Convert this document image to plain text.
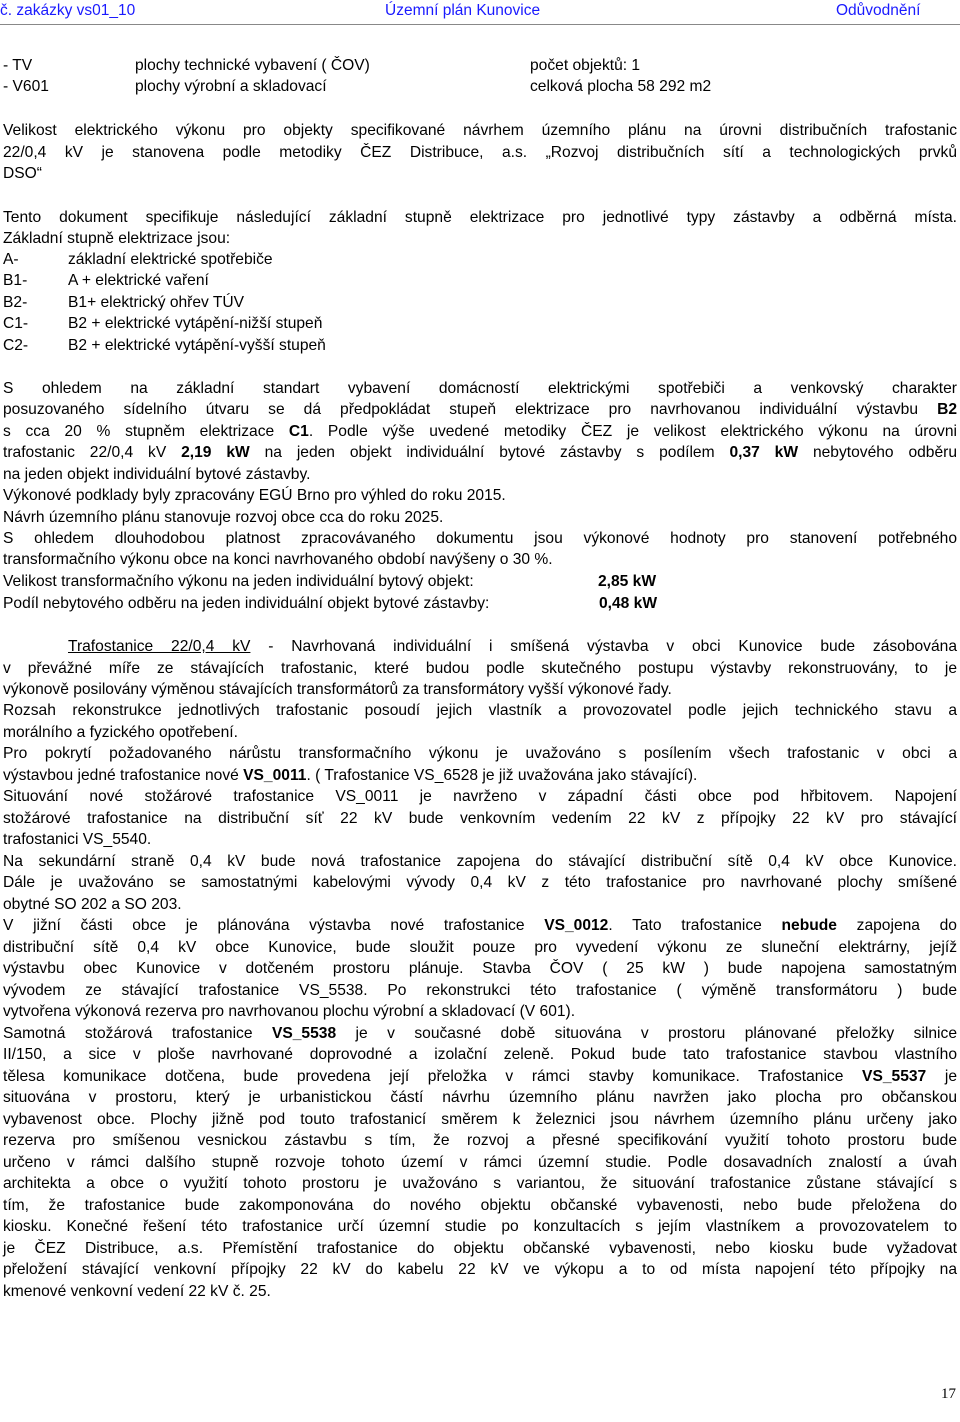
č. zakázky vs01_10	Územní plán Kunovice	Odůvodnění
- TV	plochy technické vybavení ( ČOV)	počet objektů: 1
- V601	plochy výrobní a skladovací	celková plocha 58 292 m2
Velikost elektrického výkonu pro objekty specifikované návrhem územního plánu na úrovni distribučních trafostanic
22/0,4 kV je stanovena podle metodiky ČEZ Distribuce, a.s. „Rozvoj distribučních sítí a technologických prvků
DSO“
Tento dokument specifikuje následující základní stupně elektrizace pro jednotlivé typy zástavby a odběrná místa.
Základní stupně elektrizace jsou:
A-	základní elektrické spotřebiče
B1-	A + elektrické vaření
B2-	B1+ elektrický ohřev TÚV
C1-	B2 + elektrické vytápění-nižší stupeň
C2-	B2 + elektrické vytápění-vyšší stupeň
S ohledem na základní standart vybavení domácností elektrickými spotřebiči a venkovský charakter
posuzovaného sídelního útvaru se dá předpokládat stupeň elektrizace pro navrhovanou individuální výstavbu B2
s cca 20 % stupněm elektrizace C1. Podle výše uvedené metodiky ČEZ je velikost elektrického výkonu na úrovni
trafostanic 22/0,4 kV 2,19 kW na jeden objekt individuální bytové zástavby s podílem 0,37 kW nebytového odběru
na jeden objekt individuální bytové zástavby.
Výkonové podklady byly zpracovány EGÚ Brno pro výhled do roku 2015.
Návrh územního plánu stanovuje rozvoj obce cca do roku 2025.
S ohledem dlouhodobou platnost zpracovávaného dokumentu jsou výkonové hodnoty pro stanovení potřebného
transformačního výkonu obce na konci navrhovaného období navýšeny o 30 %.
Velikost transformačního výkonu na jeden individuální bytový objekt:	2,85 kW
Podíl nebytového odběru na jeden individuální objekt bytové zástavby:	0,48 kW
Trafostanice 22/0,4 kV - Navrhovaná individuální i smíšená výstavba v obci Kunovice bude zásobována
v převážné míře ze stávajících trafostanic, které budou podle skutečného postupu výstavby rekonstruovány, to je
výkonově posilovány výměnou stávajících transformátorů za transformátory vyšší výkonové řady.
Rozsah rekonstrukce jednotlivých trafostanic posoudí jejich vlastník a provozovatel podle jejich technického stavu a
morálního a fyzického opotřebení.
Pro pokrytí požadovaného nárůstu transformačního výkonu je uvažováno s posílením všech trafostanic v obci a
výstavbou jedné trafostanice nové VS_0011. ( Trafostanice VS_6528 je již uvažována jako stávající).
Situování nové stožárové trafostanice VS_0011 je navrženo v západní části obce pod hřbitovem. Napojení
stožárové trafostanice na distribuční síť 22 kV bude venkovním vedením 22 kV z přípojky 22 kV pro stávající
trafostanici VS_5540.
Na sekundární straně 0,4 kV bude nová trafostanice zapojena do stávající distribuční sítě 0,4 kV obce Kunovice.
Dále je uvažováno se samostatnými kabelovými vývody 0,4 kV z této trafostanice pro navrhované plochy smíšené
obytné SO 202 a SO 203.
V jižní části obce je plánována výstavba nové trafostanice VS_0012. Tato trafostanice nebude zapojena do
distribuční sítě 0,4 kV obce Kunovice, bude sloužit pouze pro vyvedení výkonu ze sluneční elektrárny, jejíž
výstavbu obec Kunovice v dotčeném prostoru plánuje. Stavba ČOV ( 25 kW ) bude napojena samostatným
vývodem ze stávající trafostanice VS_5538. Po rekonstrukci této trafostanice ( výměně transformátoru ) bude
vytvořena výkonová rezerva pro navrhovanou plochu výrobní a skladovací (V 601).
Samotná stožárová trafostanice VS_5538 je v současné době situována v prostoru plánované přeložky silnice
II/150, a sice v ploše navrhované doprovodné a izolační zeleně. Pokud bude tato trafostanice stavbou vlastního
tělesa komunikace dotčena, bude provedena její přeložka v rámci stavby komunikace. Trafostanice VS_5537 je
situována v prostoru, který je urbanistickou částí návrhu územního plánu navržen jako plocha pro občanskou
vybavenost obce. Plochy jižně pod touto trafostanicí směrem k železnici jsou návrhem územního plánu určeny jako
rezerva pro smíšenou vesnickou zástavbu s tím, že rozvoj a přesné specifikování využití tohoto prostoru bude
určeno v rámci dalšího stupně rozvoje tohoto území v rámci územní studie. Podle dosavadních znalostí a úvah
architekta a obce o využití tohoto prostoru je uvažováno s variantou, že situování trafostanice zůstane stávající s
tím, že trafostanice bude zakomponována do nového objektu občanské vybavenosti, nebo bude přeložena do
kiosku. Konečné řešení této trafostanice určí územní studie po konzultacích s jejím vlastníkem a provozovatelem to
je ČEZ Distribuce, a.s. Přemístění trafostanice do objektu občanské vybavenosti, nebo kiosku bude vyžadovat
přeložení stávající venkovní přípojky 22 kV do kabelu 22 kV ve výkopu a to od místa napojení této přípojky na
kmenové venkovní vedení 22 kV č. 25.
17
